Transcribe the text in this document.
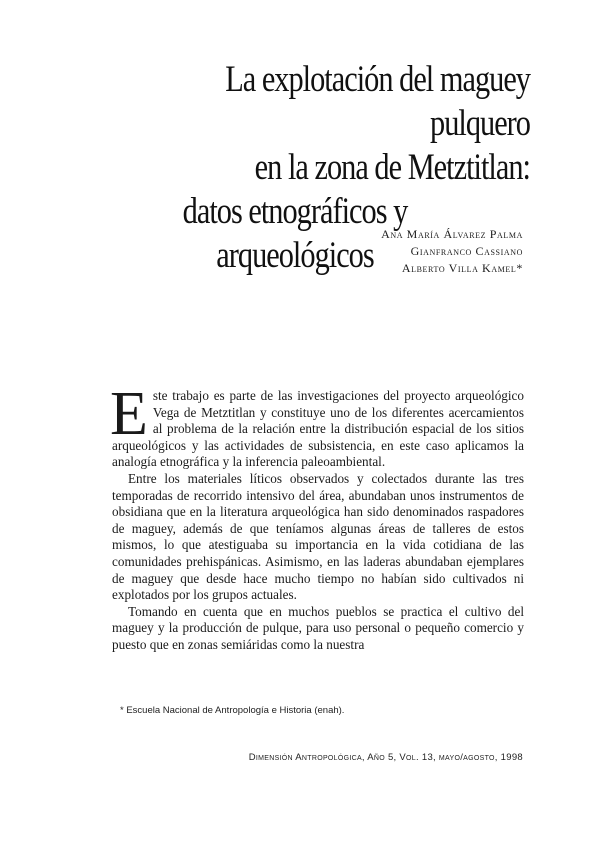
La explotación del maguey pulquero
en la zona de Metztitlan:
datos etnográficos y arqueológicos
Ana María Álvarez Palma
Gianfranco Cassiano
Alberto Villa Kamel*

Este trabajo es parte de las investigaciones del proyecto arqueológico Vega de Metztitlan y constituye uno de los diferentes acercamientos al problema de la relación entre la distribución espacial de los sitios arqueológicos y las actividades de subsistencia, en este caso aplicamos la analogía etnográfica y la inferencia paleoambiental.

Entre los materiales líticos observados y colectados durante las tres temporadas de recorrido intensivo del área, abundaban unos instrumentos de obsidiana que en la literatura arqueológica han sido denominados raspadores de maguey, además de que teníamos algunas áreas de talleres de estos mismos, lo que atestiguaba su importancia en la vida cotidiana de las comunidades prehispánicas. Asimismo, en las laderas abundaban ejemplares de maguey que desde hace mucho tiempo no habían sido cultivados ni explotados por los grupos actuales.

Tomando en cuenta que en muchos pueblos se practica el cultivo del maguey y la producción de pulque, para uso personal o pequeño comercio y puesto que en zonas semiáridas como la nuestra

* Escuela Nacional de Antropología e Historia (enah).
Dimensión Antropológica, Año 5, Vol. 13, mayo/agosto, 1998
